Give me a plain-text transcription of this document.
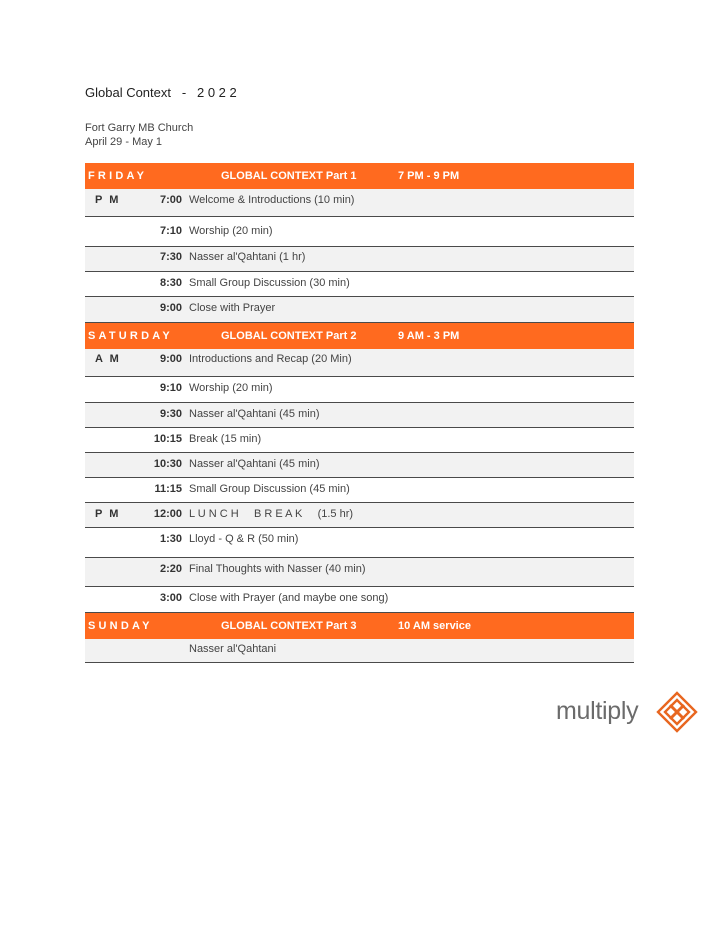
Global Context   -   2 0 2 2
Fort Garry MB Church
April 29 - May 1
FRIDAY	GLOBAL CONTEXT Part 1	7 PM - 9 PM
P M	7:00 Welcome & Introductions (10 min)
7:10 Worship (20 min)
7:30 Nasser al'Qahtani (1 hr)
8:30 Small Group Discussion (30 min)
9:00 Close with Prayer
SATURDAY	GLOBAL CONTEXT Part 2	9 AM - 3 PM
A M	9:00 Introductions and Recap (20 Min)
9:10 Worship (20 min)
9:30 Nasser al'Qahtani (45 min)
10:15 Break (15 min)
10:30 Nasser al'Qahtani (45 min)
11:15 Small Group Discussion (45 min)
P M	12:00 L U N C H     B R E A K     (1.5 hr)
1:30 Lloyd - Q & R (50 min)
2:20 Final Thoughts with Nasser (40 min)
3:00 Close with Prayer (and maybe one song)
SUNDAY	GLOBAL CONTEXT Part 3	10 AM service
Nasser al'Qahtani
multiply
